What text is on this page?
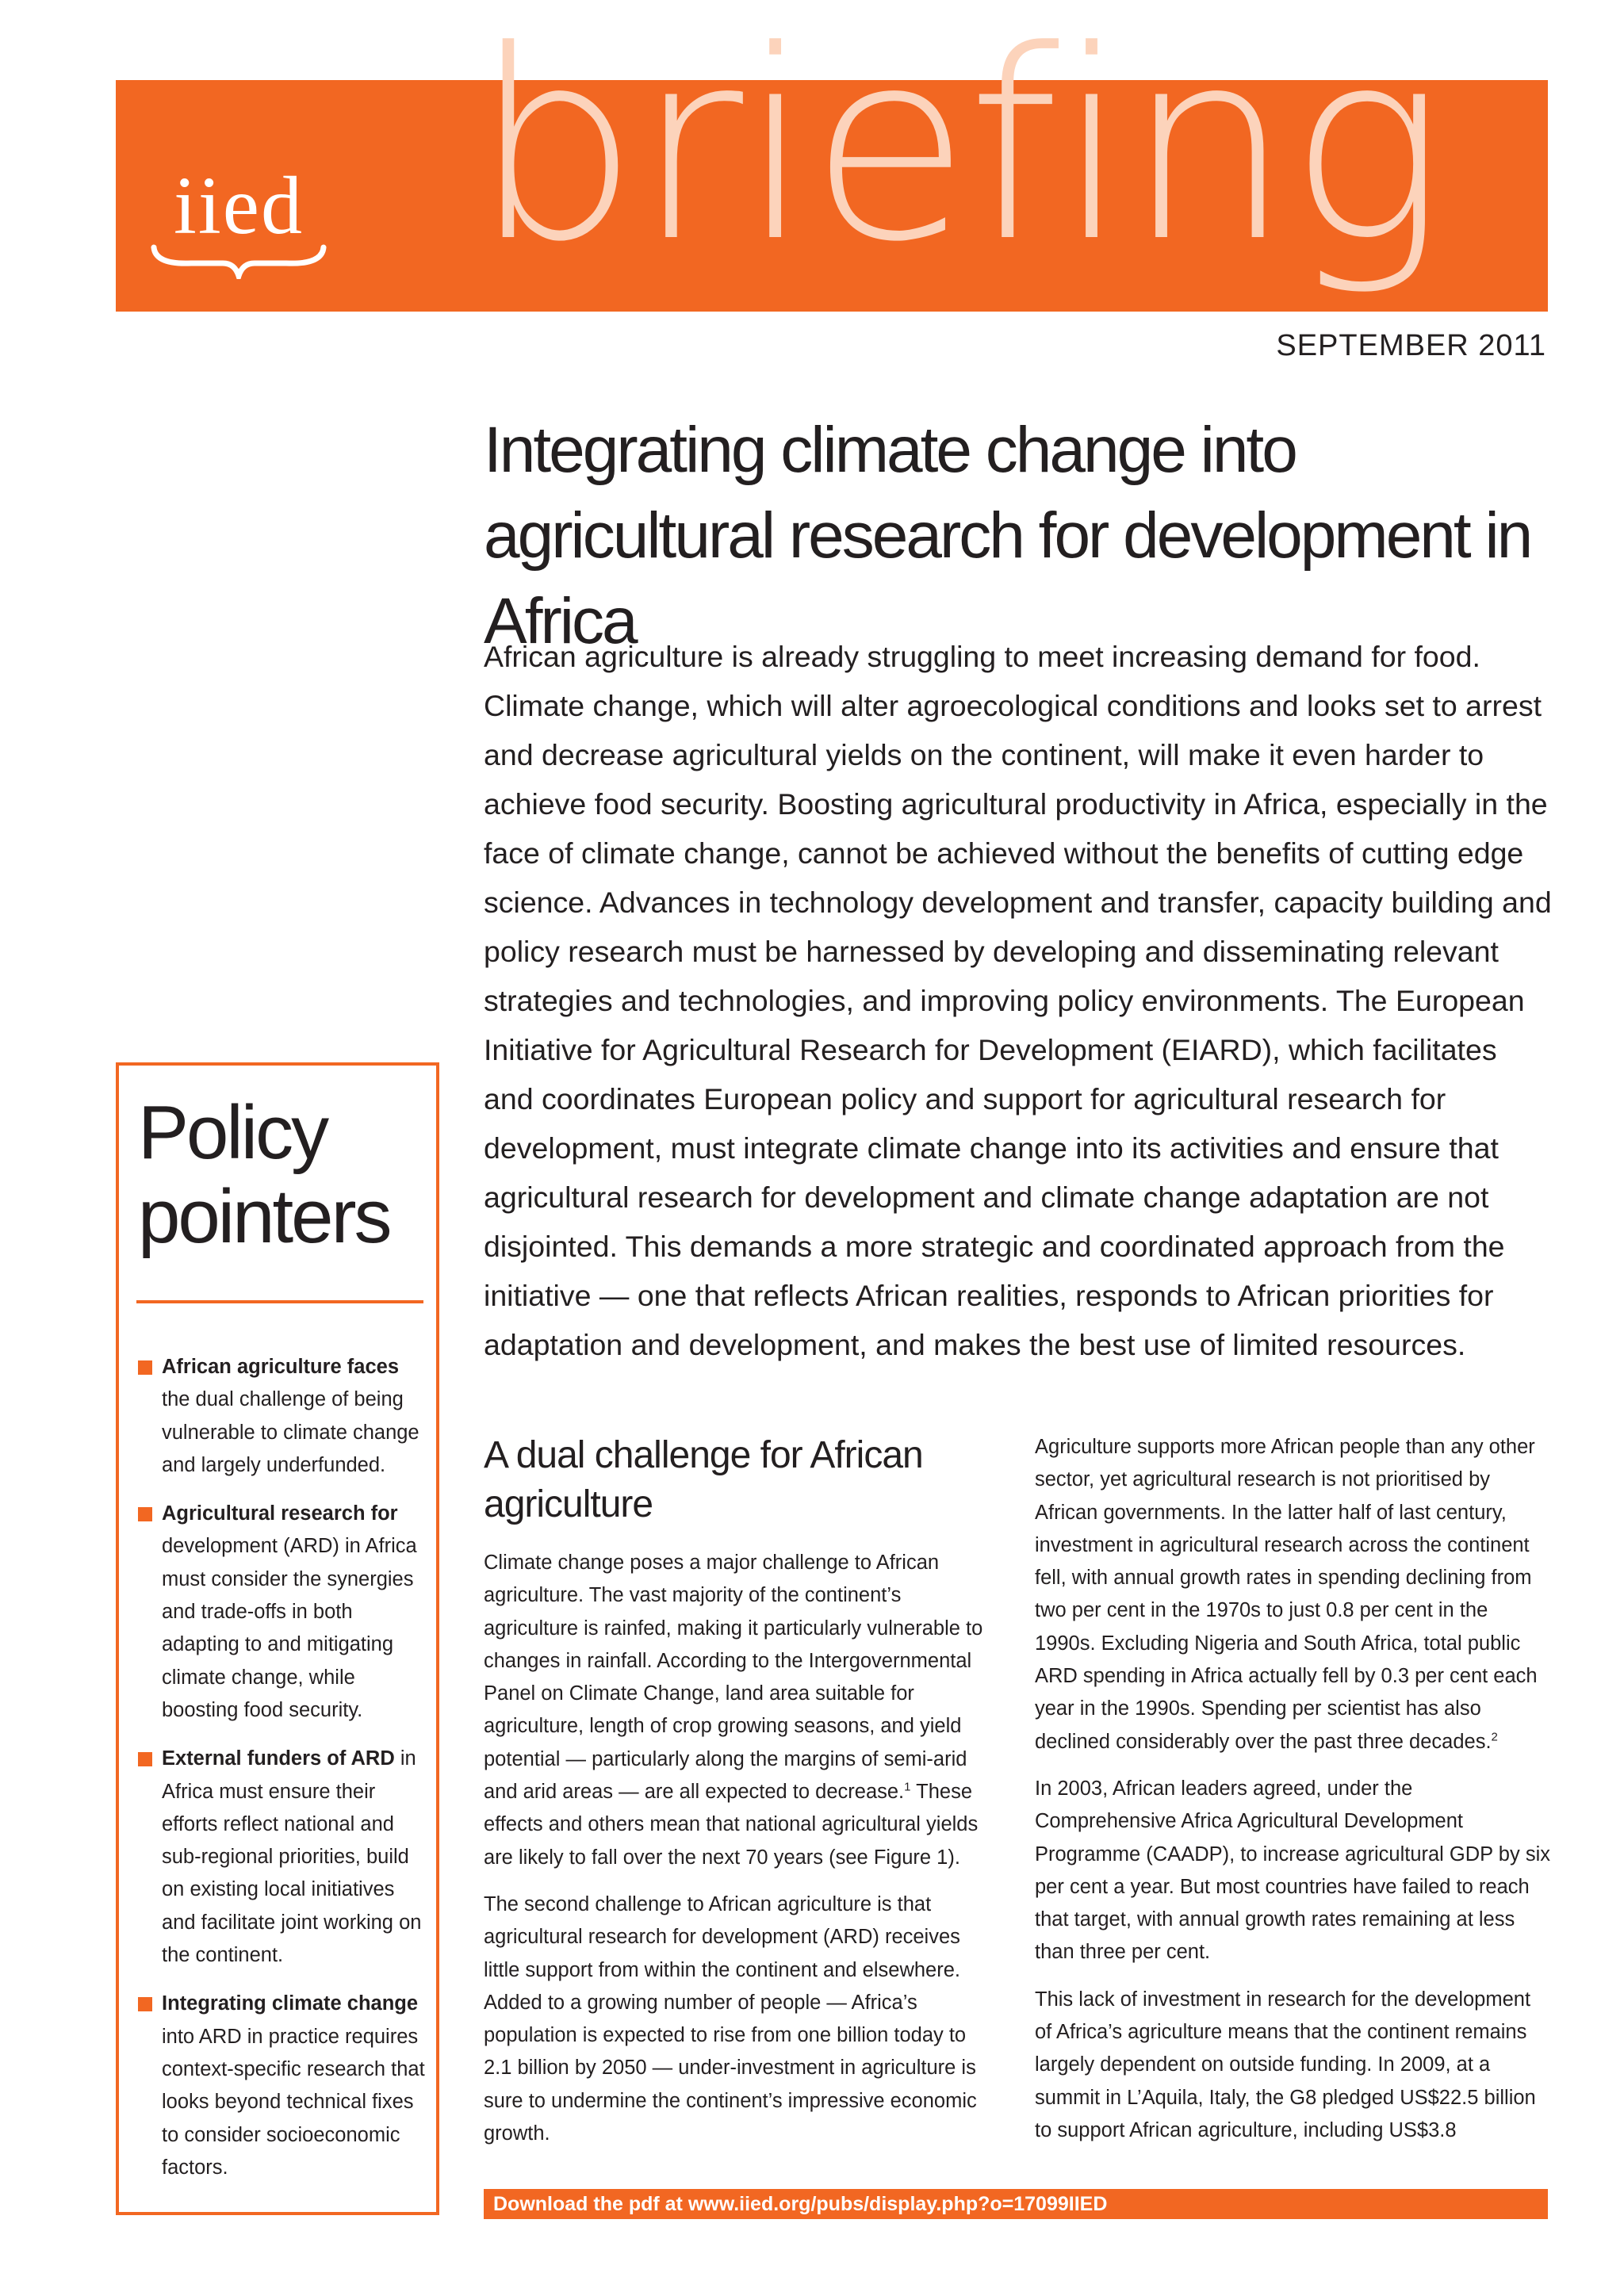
iied briefing
SEPTEMBER 2011
Integrating climate change into agricultural research for development in Africa

African agriculture is already struggling to meet increasing demand for food. Climate change, which will alter agroecological conditions and looks set to arrest and decrease agricultural yields on the continent, will make it even harder to achieve food security. Boosting agricultural productivity in Africa, especially in the face of climate change, cannot be achieved without the benefits of cutting edge science. Advances in technology development and transfer, capacity building and policy research must be harnessed by developing and disseminating relevant strategies and technologies, and improving policy environments. The European Initiative for Agricultural Research for Development (EIARD), which facilitates and coordinates European policy and support for agricultural research for development, must integrate climate change into its activities and ensure that agricultural research for development and climate change adaptation are not disjointed. This demands a more strategic and coordinated approach from the initiative — one that reflects African realities, responds to African priorities for adaptation and development, and makes the best use of limited resources.

Policy
pointers
African agriculture faces the dual challenge of being vulnerable to climate change and largely underfunded.
Agricultural research for development (ARD) in Africa must consider the synergies and trade-offs in both adapting to and mitigating climate change, while boosting food security.
External funders of ARD in Africa must ensure their efforts reflect national and sub-regional priorities, build on existing local initiatives and facilitate joint working on the continent.
Integrating climate change into ARD in practice requires context-specific research that looks beyond technical fixes to consider socioeconomic factors.
A dual challenge for African agriculture

Climate change poses a major challenge to African agriculture. The vast majority of the continent’s agriculture is rainfed, making it particularly vulnerable to changes in rainfall. According to the Intergovernmental Panel on Climate Change, land area suitable for agriculture, length of crop growing seasons, and yield potential — particularly along the margins of semi-arid and arid areas — are all expected to decrease.$^1$ These effects and others mean that national agricultural yields are likely to fall over the next 70 years (see Figure 1).

The second challenge to African agriculture is that agricultural research for development (ARD) receives little support from within the continent and elsewhere. Added to a growing number of people — Africa’s population is expected to rise from one billion today to 2.1 billion by 2050 — under-investment in agriculture is sure to undermine the continent’s impressive economic growth.

Agriculture supports more African people than any other sector, yet agricultural research is not prioritised by African governments. In the latter half of last century, investment in agricultural research across the continent fell, with annual growth rates in spending declining from two per cent in the 1970s to just 0.8 per cent in the 1990s. Excluding Nigeria and South Africa, total public ARD spending in Africa actually fell by 0.3 per cent each year in the 1990s. Spending per scientist has also declined considerably over the past three decades.$^2$

In 2003, African leaders agreed, under the Comprehensive Africa Agricultural Development Programme (CAADP), to increase agricultural GDP by six per cent a year. But most countries have failed to reach that target, with annual growth rates remaining at less than three per cent.

This lack of investment in research for the development of Africa’s agriculture means that the continent remains largely dependent on outside funding. In 2009, at a summit in L’Aquila, Italy, the G8 pledged US$22.5 billion to support African agriculture, including US$3.8

Download the pdf at www.iied.org/pubs/display.php?o=17099IIED
